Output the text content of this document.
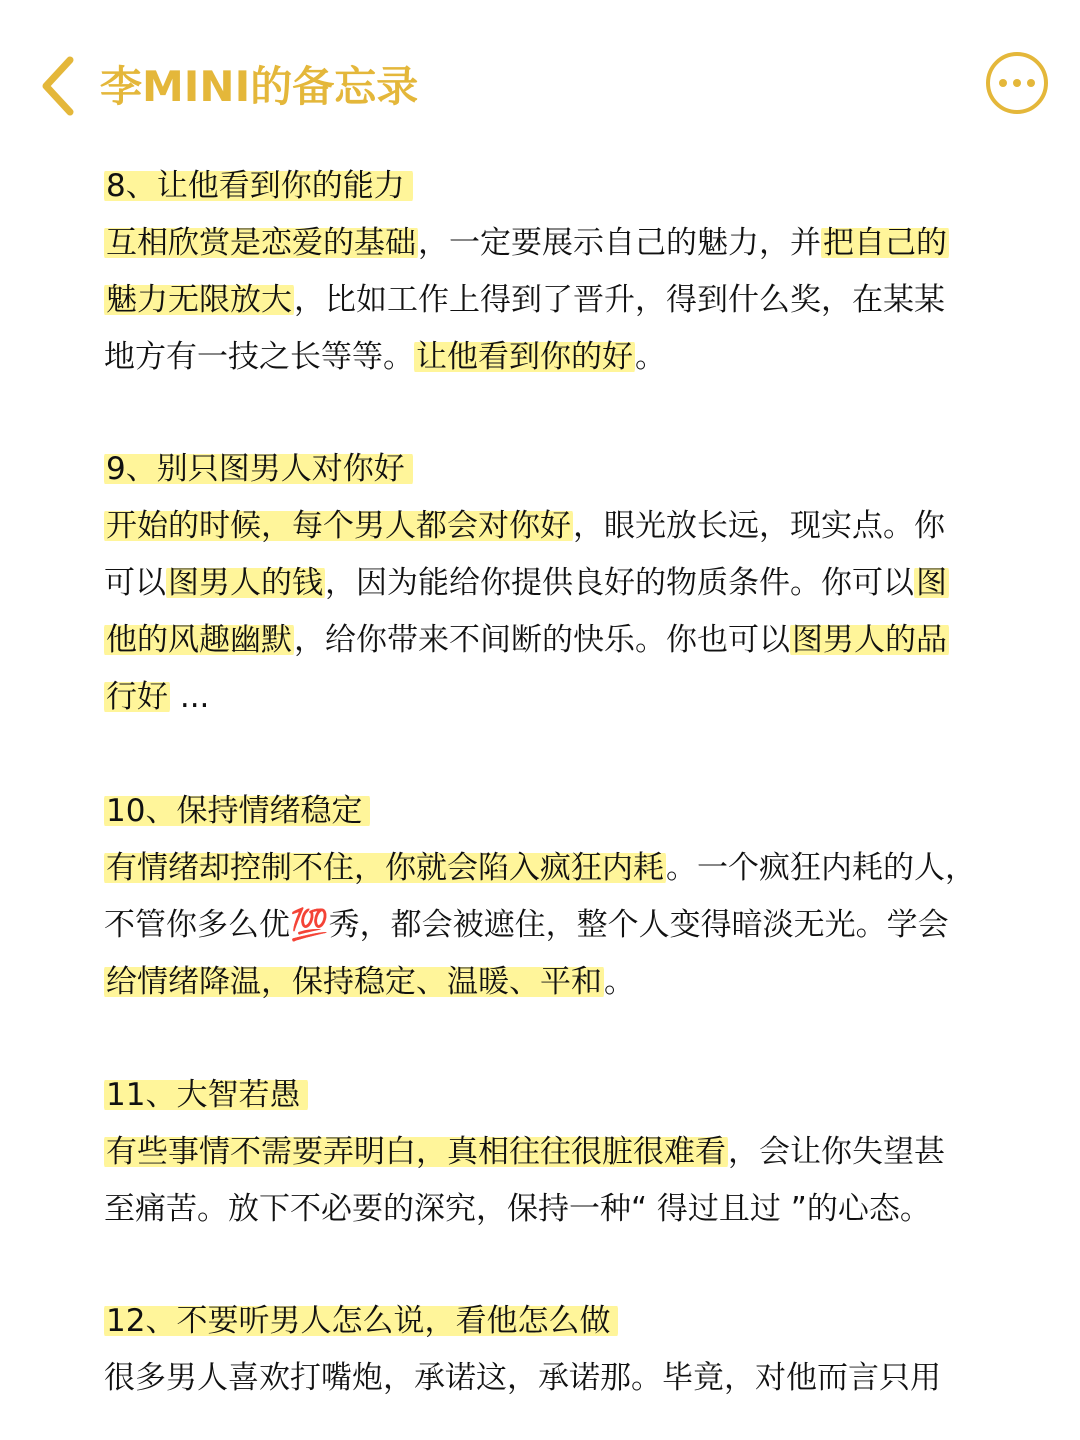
李MINI的备忘录
8、让他看到你的能力
互相欣赏是恋爱的基础，一定要展示自己的魅力，并把自己的
魅力无限放大，比如工作上得到了晋升，得到什么奖，在某某
地方有一技之长等等。让他看到你的好。
9、别只图男人对你好
开始的时候，每个男人都会对你好，眼光放长远，现实点。你
可以图男人的钱，因为能给你提供良好的物质条件。你可以图
他的风趣幽默，给你带来不间断的快乐。你也可以图男人的品
行好 ...
10、保持情绪稳定
有情绪却控制不住，你就会陷入疯狂内耗。一个疯狂内耗的人，
不管你多么优💯秀，都会被遮住，整个人变得暗淡无光。学会
给情绪降温，保持稳定、温暖、平和。
11、大智若愚
有些事情不需要弄明白，真相往往很脏很难看，会让你失望甚
至痛苦。放下不必要的深究，保持一种“ 得过且过 ”的心态。
12、不要听男人怎么说，看他怎么做
很多男人喜欢打嘴炮，承诺这，承诺那。毕竟，对他而言只用
